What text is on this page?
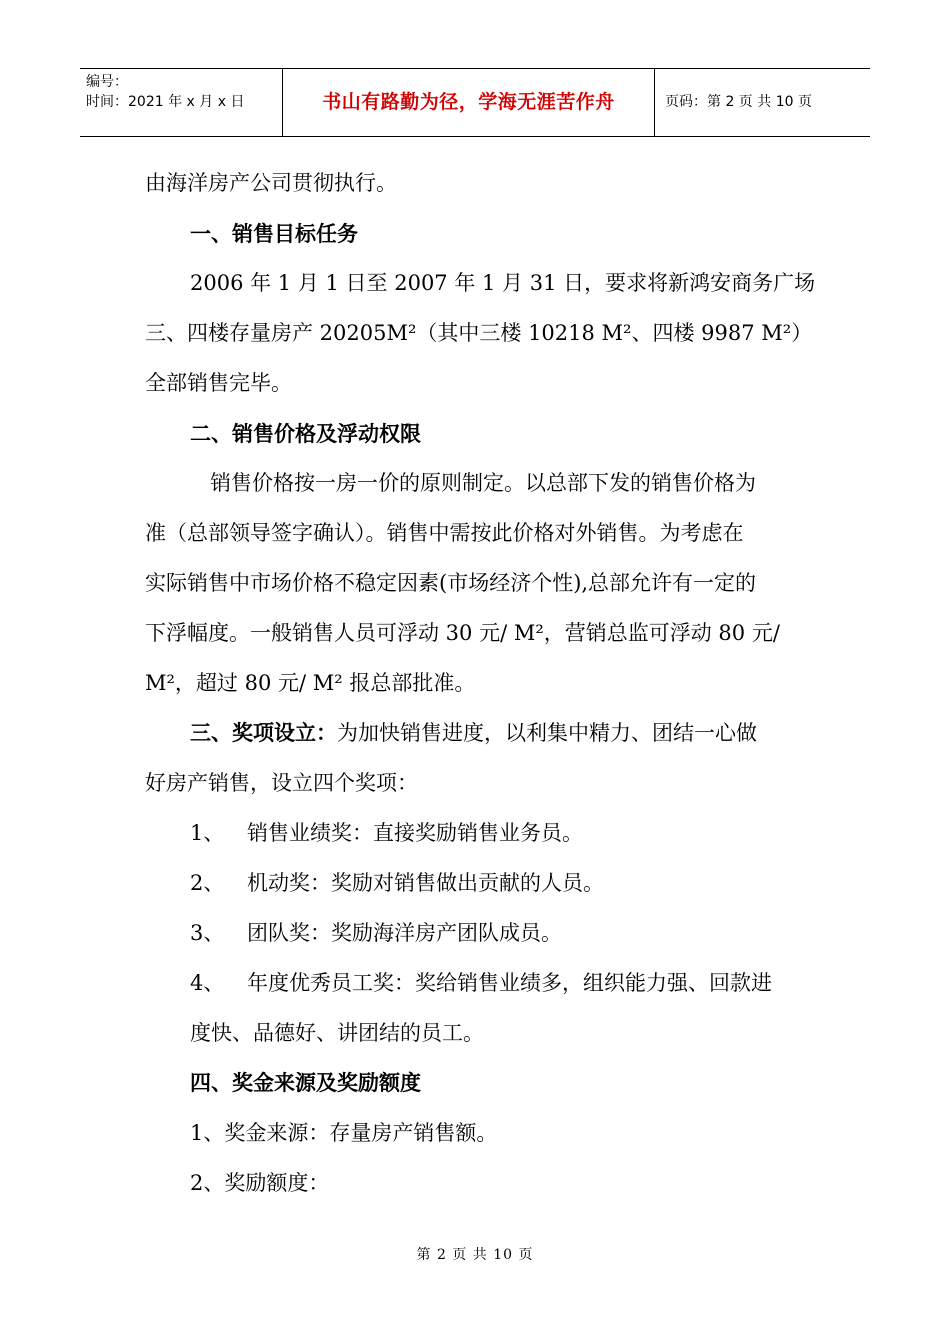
编号：
时间：2021 年 x 月 x 日	书山有路勤为径，学海无涯苦作舟	页码：第 2 页 共 10 页
由海洋房产公司贯彻执行。
一、销售目标任务
2006 年 1 月 1 日至 2007 年 1 月 31 日，要求将新鸿安商务广场
三、四楼存量房产 20205M²（其中三楼 10218 M²、四楼 9987 M²）
全部销售完毕。
二、销售价格及浮动权限
销售价格按一房一价的原则制定。以总部下发的销售价格为
准（总部领导签字确认）。销售中需按此价格对外销售。为考虑在
实际销售中市场价格不稳定因素(市场经济个性),总部允许有一定的
下浮幅度。一般销售人员可浮动 30 元/ M²，营销总监可浮动 80 元/
M²，超过 80 元/ M² 报总部批准。
三、奖项设立：为加快销售进度，以利集中精力、团结一心做
好房产销售，设立四个奖项：
1、 销售业绩奖：直接奖励销售业务员。
2、 机动奖：奖励对销售做出贡献的人员。
3、 团队奖：奖励海洋房产团队成员。
4、 年度优秀员工奖：奖给销售业绩多，组织能力强、回款进
度快、品德好、讲团结的员工。
四、奖金来源及奖励额度
1、奖金来源：存量房产销售额。
2、奖励额度：
第 2 页 共 10 页
